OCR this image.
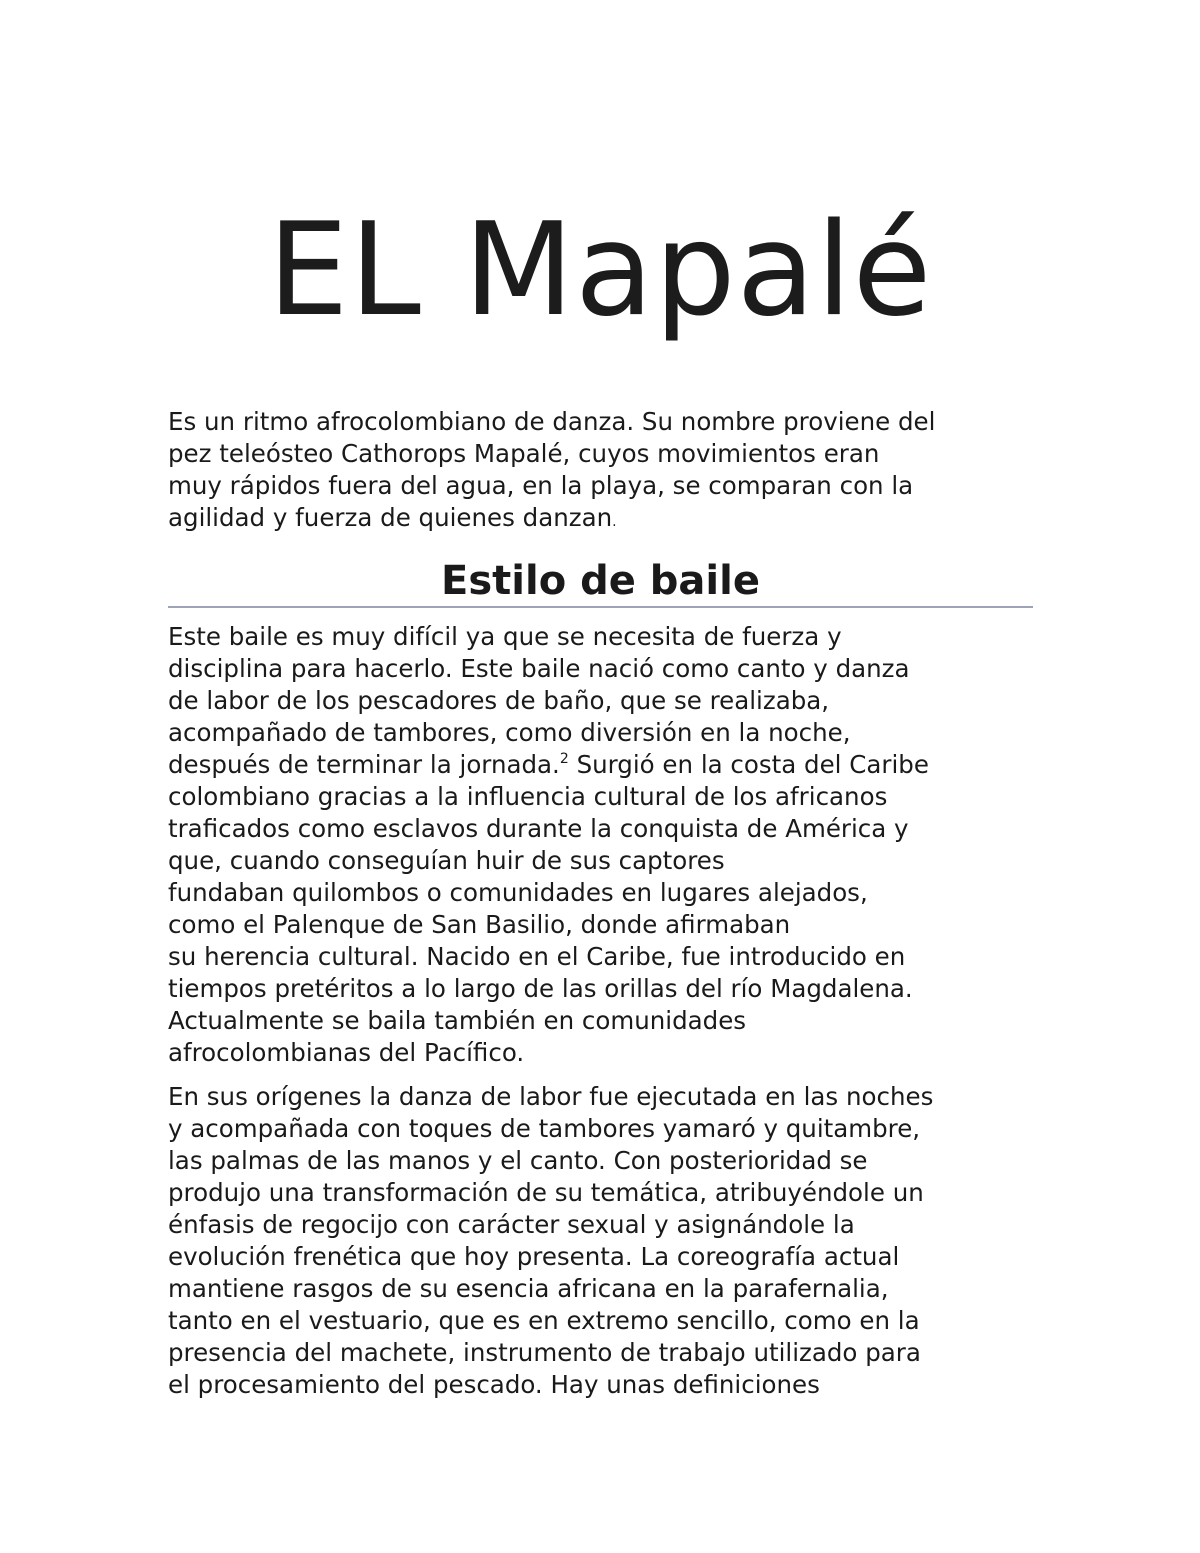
EL Mapalé
Es un ritmo afrocolombiano de danza. Su nombre proviene del
pez teleósteo Cathorops Mapalé, cuyos movimientos eran
muy rápidos fuera del agua, en la playa, se comparan con la
agilidad y fuerza de quienes danzan.
Estilo de baile
Este baile es muy difícil ya que se necesita de fuerza y
disciplina para hacerlo. Este baile nació como canto y danza
de labor de los pescadores de baño, que se realizaba,
acompañado de tambores, como diversión en la noche,
después de terminar la jornada.$^2$ Surgió en la costa del Caribe
colombiano gracias a la influencia cultural de los africanos
traficados como esclavos durante la conquista de América y
que, cuando conseguían huir de sus captores
fundaban quilombos o comunidades en lugares alejados,
como el Palenque de San Basilio, donde afirmaban
su herencia cultural. Nacido en el Caribe, fue introducido en
tiempos pretéritos a lo largo de las orillas del río Magdalena.
Actualmente se baila también en comunidades
afrocolombianas del Pacífico.
En sus orígenes la danza de labor fue ejecutada en las noches
y acompañada con toques de tambores yamaró y quitambre,
las palmas de las manos y el canto. Con posterioridad se
produjo una transformación de su temática, atribuyéndole un
énfasis de regocijo con carácter sexual y asignándole la
evolución frenética que hoy presenta. La coreografía actual
mantiene rasgos de su esencia africana en la parafernalia,
tanto en el vestuario, que es en extremo sencillo, como en la
presencia del machete, instrumento de trabajo utilizado para
el procesamiento del pescado. Hay unas definiciones
